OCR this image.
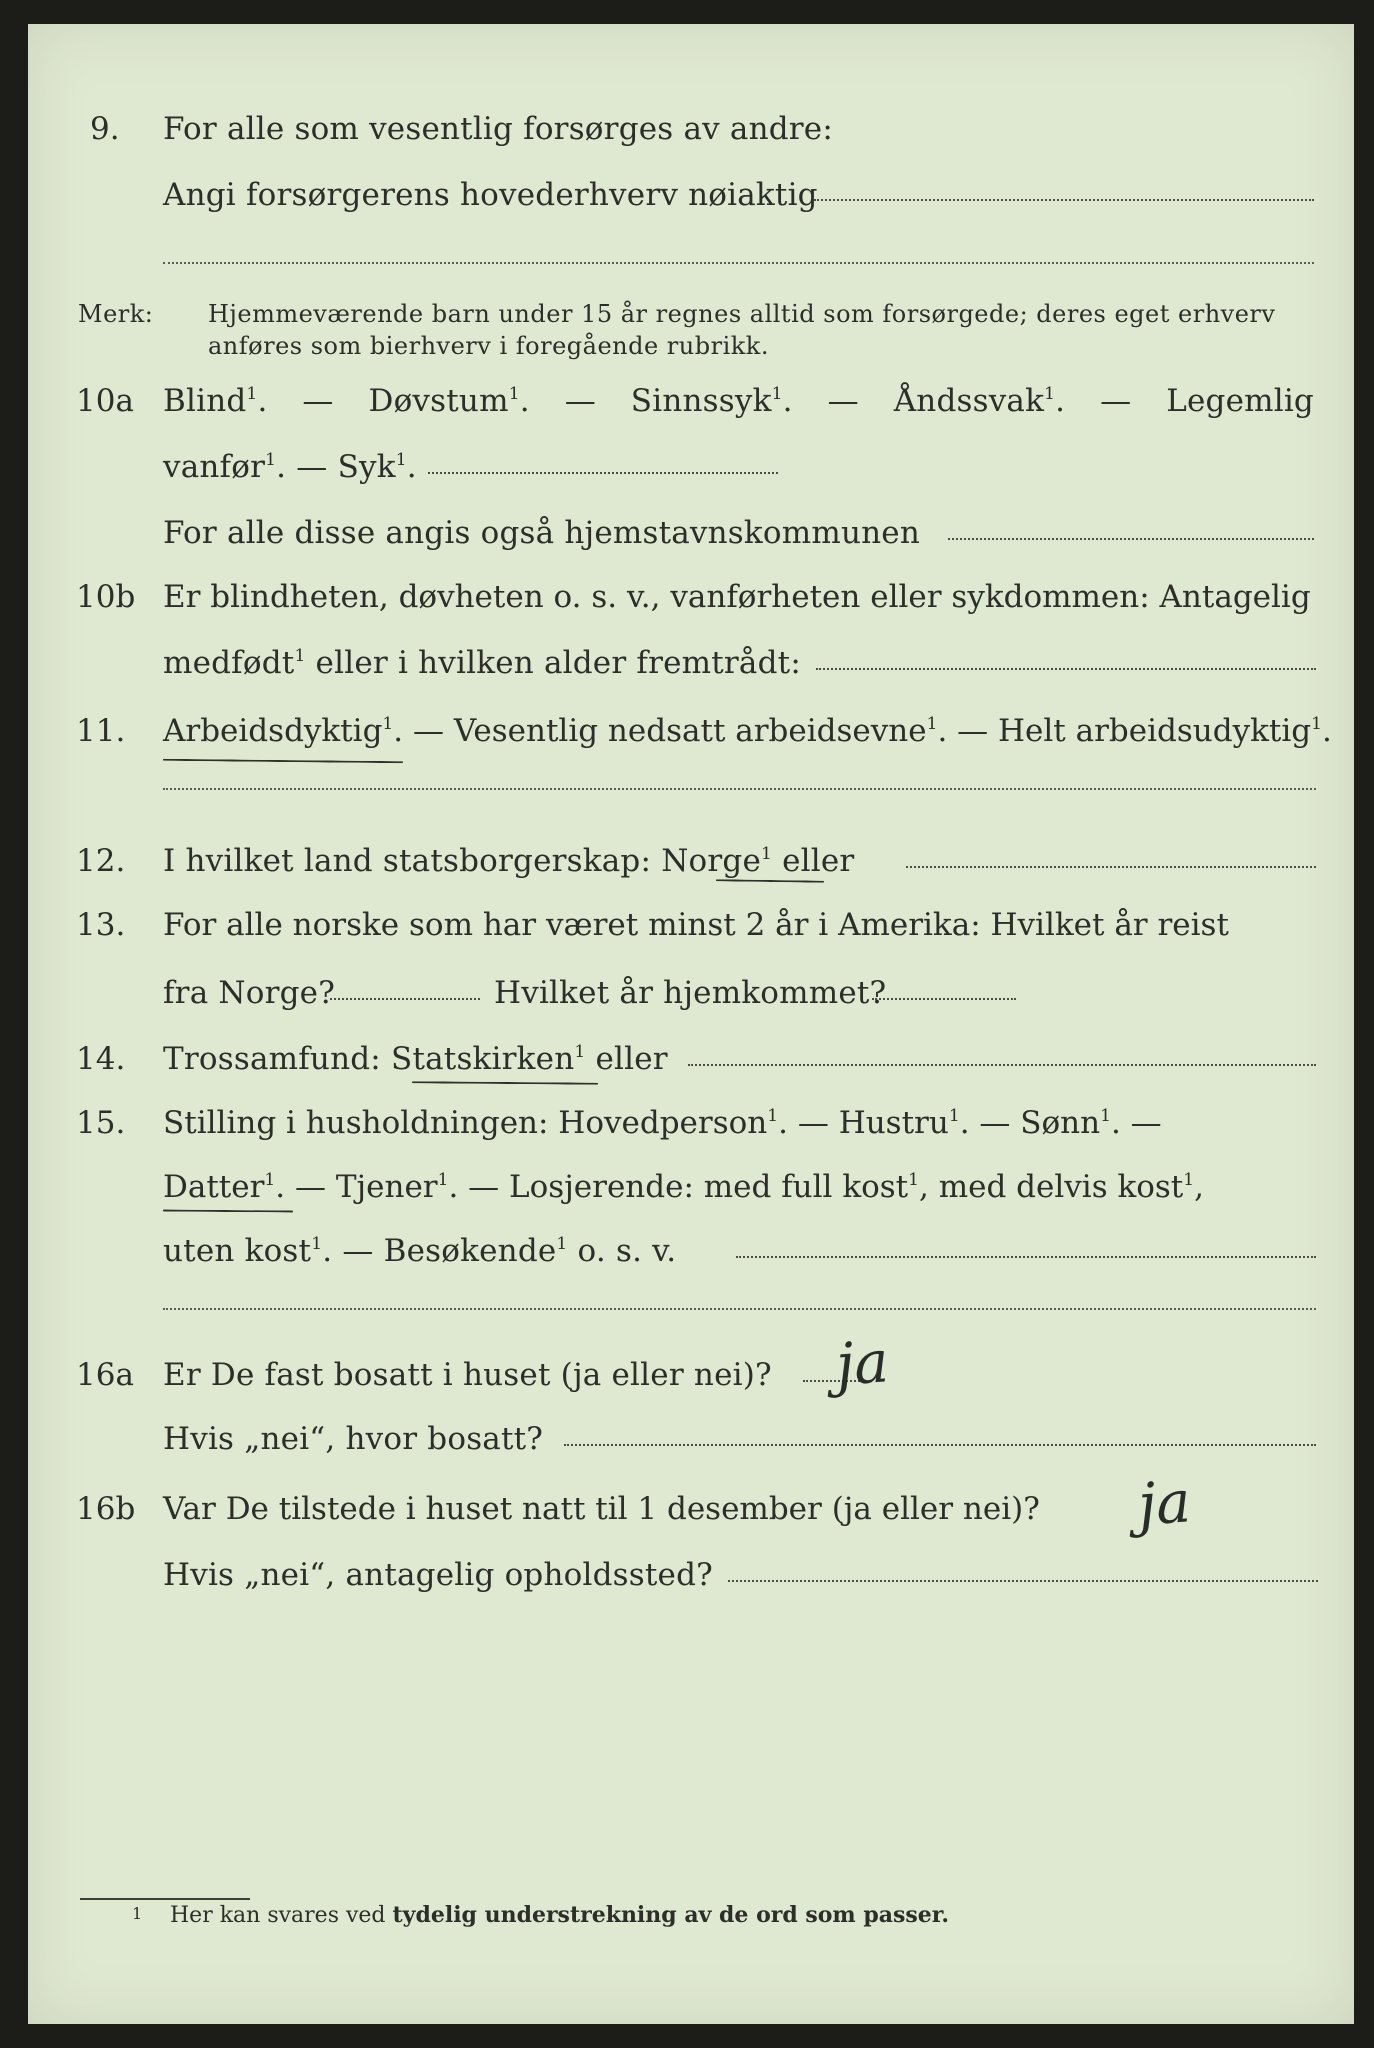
9. For alle som vesentlig forsørges av andre:
Angi forsørgerens hovederhverv nøiaktig
Merk: Hjemmeværende barn under 15 år regnes alltid som forsørgede; deres eget erhverv
anføres som bierhverv i foregående rubrikk.
10a Blind$^1$. — Døvstum$^1$. — Sinnssyk$^1$. — Åndssvak$^1$. — Legemlig
vanfør$^1$. — Syk$^1$.
For alle disse angis også hjemstavnskommunen
10b Er blindheten, døvheten o. s. v., vanførheten eller sykdommen: Antagelig
medfødt$^1$ eller i hvilken alder fremtrådt:
11. Arbeidsdyktig$^1$. — Vesentlig nedsatt arbeidsevne$^1$. — Helt arbeidsudyktig$^1$.
12. I hvilket land statsborgerskap: Norge$^1$ eller
13. For alle norske som har været minst 2 år i Amerika: Hvilket år reist
fra Norge?	Hvilket år hjemkommet?
14. Trossamfund: Statskirken$^1$ eller
15. Stilling i husholdningen: Hovedperson$^1$. — Hustru$^1$. — Sønn$^1$. —
Datter$^1$. — Tjener$^1$. — Losjerende: med full kost$^1$, med delvis kost$^1$,
uten kost$^1$. — Besøkende$^1$ o. s. v.
16a Er De fast bosatt i huset (ja eller nei)? ja
Hvis „nei“, hvor bosatt?
16b Var De tilstede i huset natt til 1 desember (ja eller nei)? ja
Hvis „nei“, antagelig opholdssted?
1 Her kan svares ved tydelig understrekning av de ord som passer.
